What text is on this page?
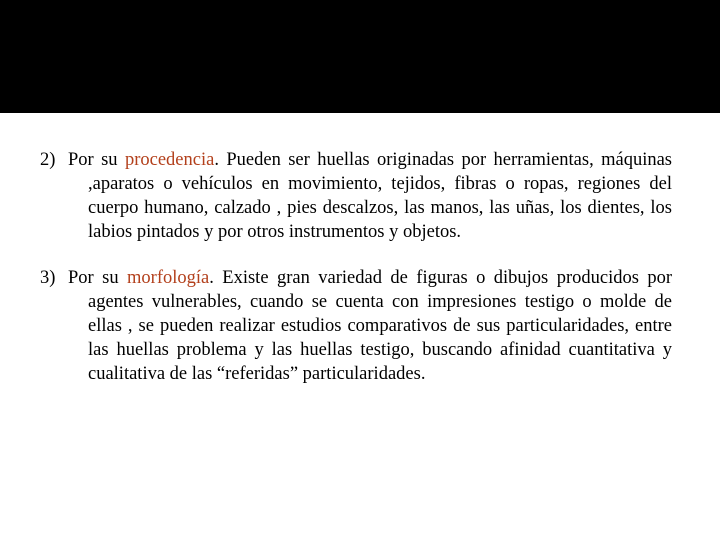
2) Por su procedencia. Pueden ser huellas originadas por herramientas, máquinas ,aparatos o vehículos en movimiento, tejidos, fibras o ropas, regiones del cuerpo humano, calzado , pies descalzos, las manos, las uñas, los dientes, los labios pintados y por otros instrumentos y objetos.
3) Por su morfología. Existe gran variedad de figuras o dibujos producidos por agentes vulnerables, cuando se cuenta con impresiones testigo o molde de ellas , se pueden realizar estudios comparativos de sus particularidades, entre las huellas problema y las huellas testigo, buscando afinidad cuantitativa y cualitativa de las “referidas” particularidades.
